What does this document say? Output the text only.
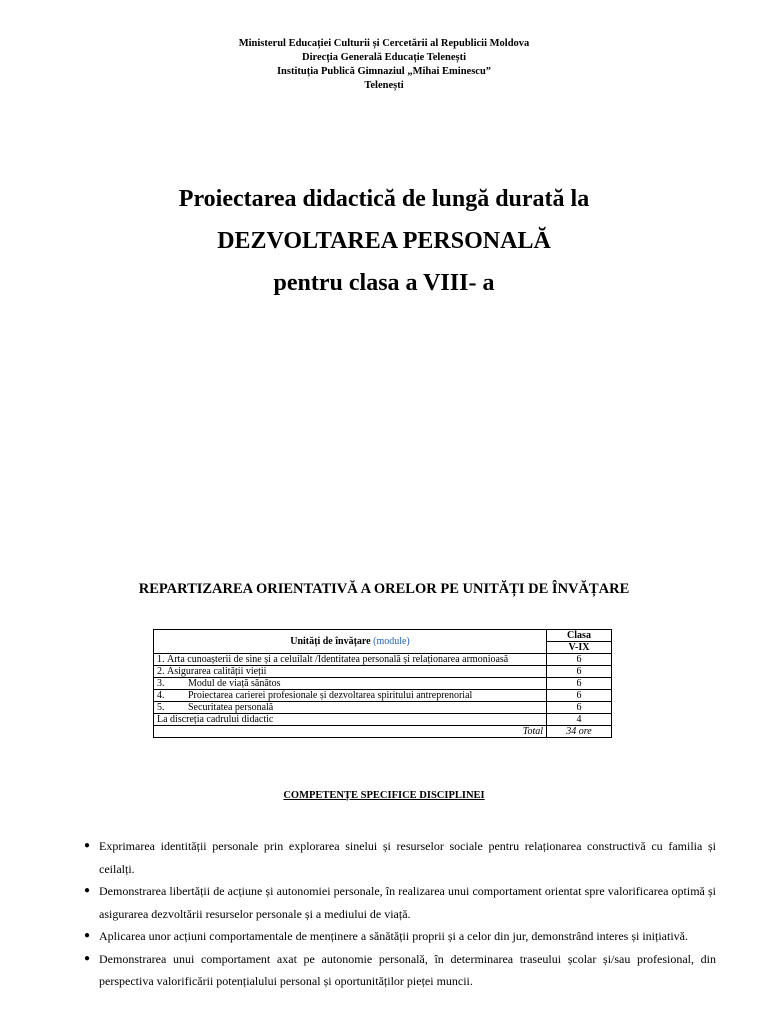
Ministerul Educației Culturii și Cercetării al Republicii Moldova
Direcția Generală Educație Telenești
Instituția Publică Gimnaziul „Mihai Eminescu”
Telenești
Proiectarea didactică de lungă durată la
DEZVOLTAREA PERSONALĂ
pentru clasa a VIII- a
REPARTIZAREA ORIENTATIVĂ A ORELOR PE UNITĂȚI DE ÎNVĂȚARE
Unități de învățare (module)	Clasa
	V-IX
1. Arta cunoașterii de sine și a celuilalt /Identitatea personală și relaționarea armonioasă	6
2. Asigurarea calității vieții	6
3. Modul de viață sănătos	6
4. Proiectarea carierei profesionale și dezvoltarea spiritului antreprenorial	6
5. Securitatea personală	6
La discreția cadrului didactic	4
Total	34 ore
COMPETENȚE SPECIFICE DISCIPLINEI
● Exprimarea identității personale prin explorarea sinelui și resurselor sociale pentru relaționarea constructivă cu familia și ceilalți.
● Demonstrarea libertății de acțiune și autonomiei personale, în realizarea unui comportament orientat spre valorificarea optimă și asigurarea dezvoltării resurselor personale și a mediului de viață.
● Aplicarea unor acțiuni comportamentale de menținere a sănătății proprii și a celor din jur, demonstrând interes și inițiativă.
● Demonstrarea unui comportament axat pe autonomie personală, în determinarea traseului școlar și/sau profesional, din perspectiva valorificării potențialului personal și oportunităților pieței muncii.
